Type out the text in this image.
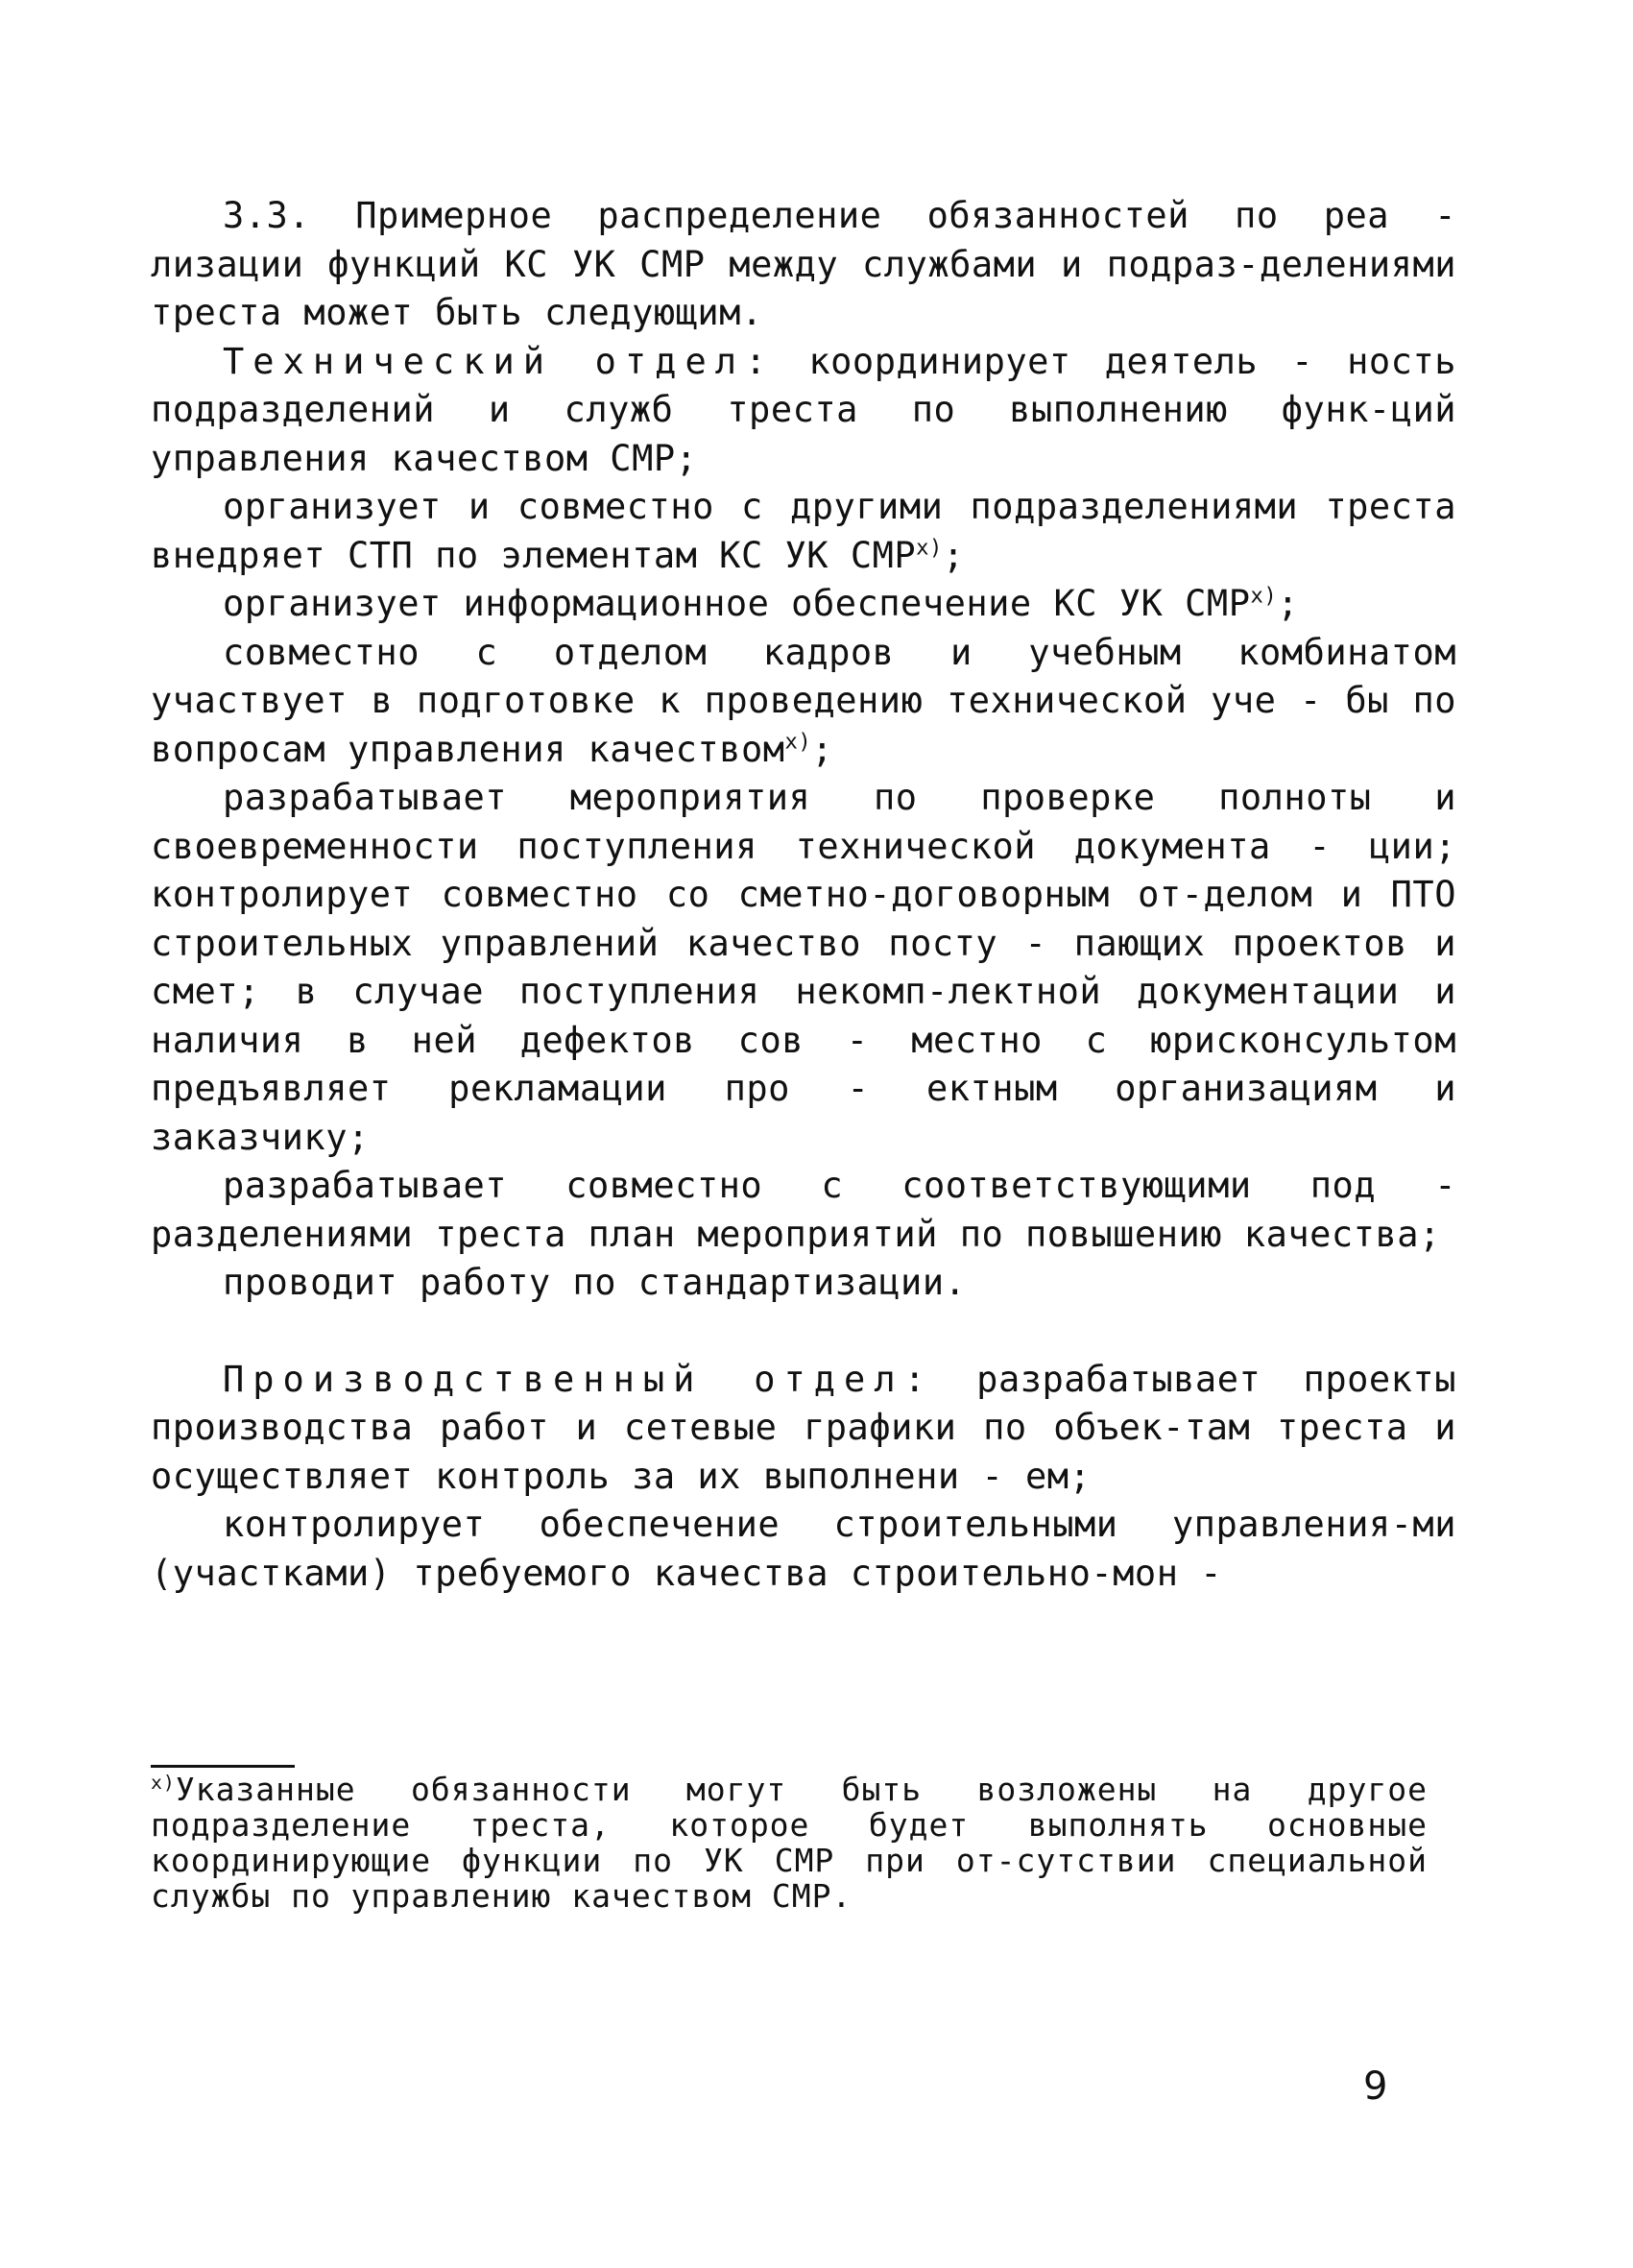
3.3. Примерное распределение обязанностей по реа - лизации функций КС УК СМР между службами и подраз-делениями треста может быть следующим.

Технический отдел: координирует деятель - ность подразделений и служб треста по выполнению функ-ций управления качеством СМР;

организует и совместно с другими подразделениями треста внедряет СТП по элементам КС УК СМР$^{x)}$;

организует информационное обеспечение КС УК СМР$^{x)}$;

совместно с отделом кадров и учебным комбинатом участвует в подготовке к проведению технической уче - бы по вопросам управления качеством$^{x)}$;

разрабатывает мероприятия по проверке полноты и своевременности поступления технической документа - ции; контролирует совместно со сметно-договорным от-делом и ПТО строительных управлений качество посту - пающих проектов и смет; в случае поступления некомп-лектной документации и наличия в ней дефектов сов - местно с юрисконсультом предъявляет рекламации про - ектным организациям и заказчику;

разрабатывает совместно с соответствующими под - разделениями треста план мероприятий по повышению качества;

проводит работу по стандартизации.

Производственный отдел: разрабатывает проекты производства работ и сетевые графики по объек-там треста и осуществляет контроль за их выполнени - ем;

контролирует обеспечение строительными управления-ми (участками) требуемого качества строительно-мон -

$^{x)}$Указанные обязанности могут быть возложены на другое подразделение треста, которое будет выполнять основные координирующие функции по УК СМР при от-сутствии специальной службы по управлению качеством СМР.

9
